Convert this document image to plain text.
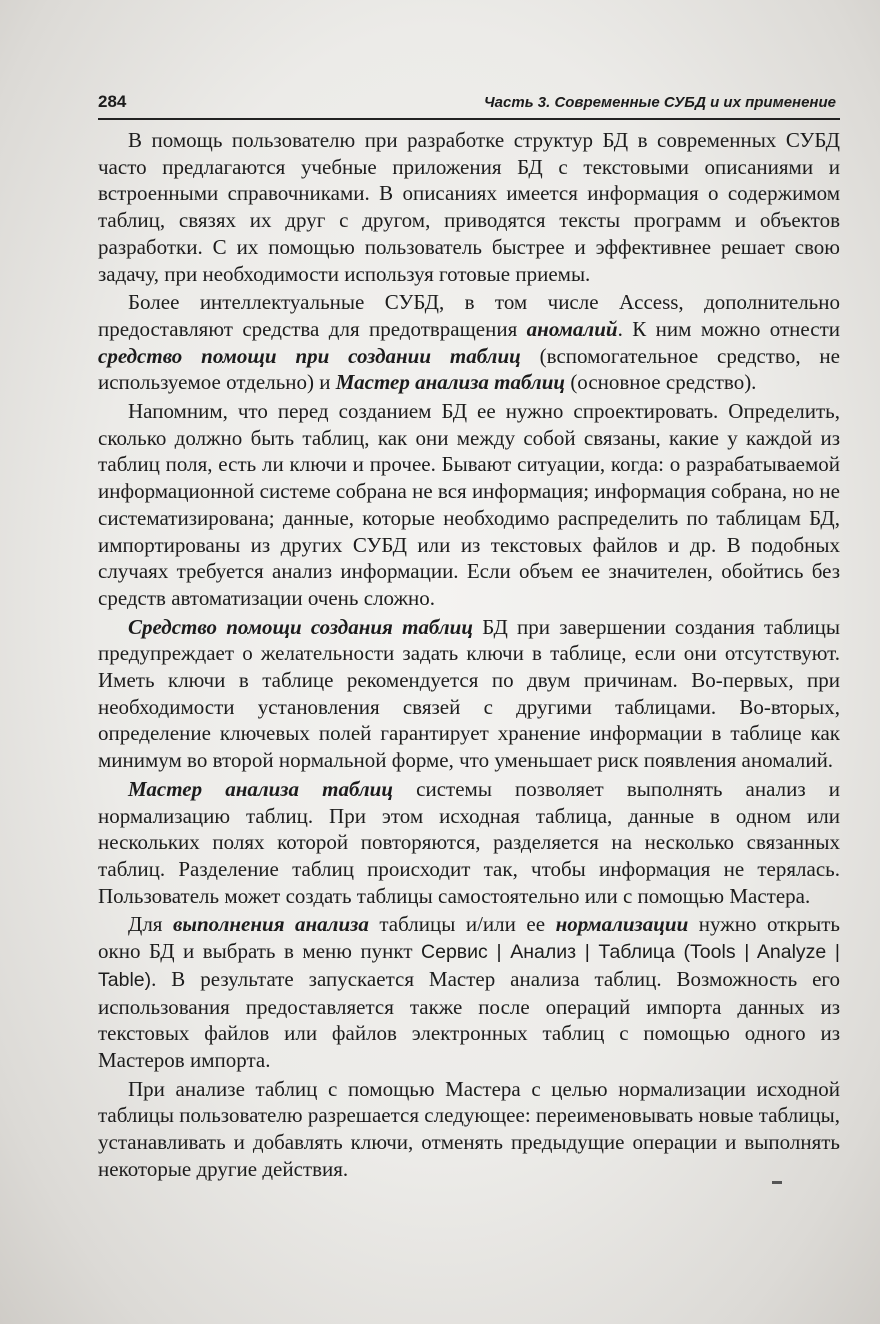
284	Часть 3. Современные СУБД и их применение

В помощь пользователю при разработке структур БД в современных СУБД часто предлагаются учебные приложения БД с текстовыми описаниями и встроенными справочниками. В описаниях имеется информация о содержимом таблиц, связях их друг с другом, приводятся тексты программ и объектов разработки. С их помощью пользователь быстрее и эффективнее решает свою задачу, при необходимости используя готовые приемы.

Более интеллектуальные СУБД, в том числе Access, дополнительно предоставляют средства для предотвращения аномалий. К ним можно отнести средство помощи при создании таблиц (вспомогательное средство, не используемое отдельно) и Мастер анализа таблиц (основное средство).

Напомним, что перед созданием БД ее нужно спроектировать. Определить, сколько должно быть таблиц, как они между собой связаны, какие у каждой из таблиц поля, есть ли ключи и прочее. Бывают ситуации, когда: о разрабатываемой информационной системе собрана не вся информация; информация собрана, но не систематизирована; данные, которые необходимо распределить по таблицам БД, импортированы из других СУБД или из текстовых файлов и др. В подобных случаях требуется анализ информации. Если объем ее значителен, обойтись без средств автоматизации очень сложно.

Средство помощи создания таблиц БД при завершении создания таблицы предупреждает о желательности задать ключи в таблице, если они отсутствуют. Иметь ключи в таблице рекомендуется по двум причинам. Во-первых, при необходимости установления связей с другими таблицами. Во-вторых, определение ключевых полей гарантирует хранение информации в таблице как минимум во второй нормальной форме, что уменьшает риск появления аномалий.

Мастер анализа таблиц системы позволяет выполнять анализ и нормализацию таблиц. При этом исходная таблица, данные в одном или нескольких полях которой повторяются, разделяется на несколько связанных таблиц. Разделение таблиц происходит так, чтобы информация не терялась. Пользователь может создать таблицы самостоятельно или с помощью Мастера.

Для выполнения анализа таблицы и/или ее нормализации нужно открыть окно БД и выбрать в меню пункт Сервис | Анализ | Таблица (Tools | Analyze | Table). В результате запускается Мастер анализа таблиц. Возможность его использования предоставляется также после операций импорта данных из текстовых файлов или файлов электронных таблиц с помощью одного из Мастеров импорта.

При анализе таблиц с помощью Мастера с целью нормализации исходной таблицы пользователю разрешается следующее: переименовывать новые таблицы, устанавливать и добавлять ключи, отменять предыдущие операции и выполнять некоторые другие действия.

▬
